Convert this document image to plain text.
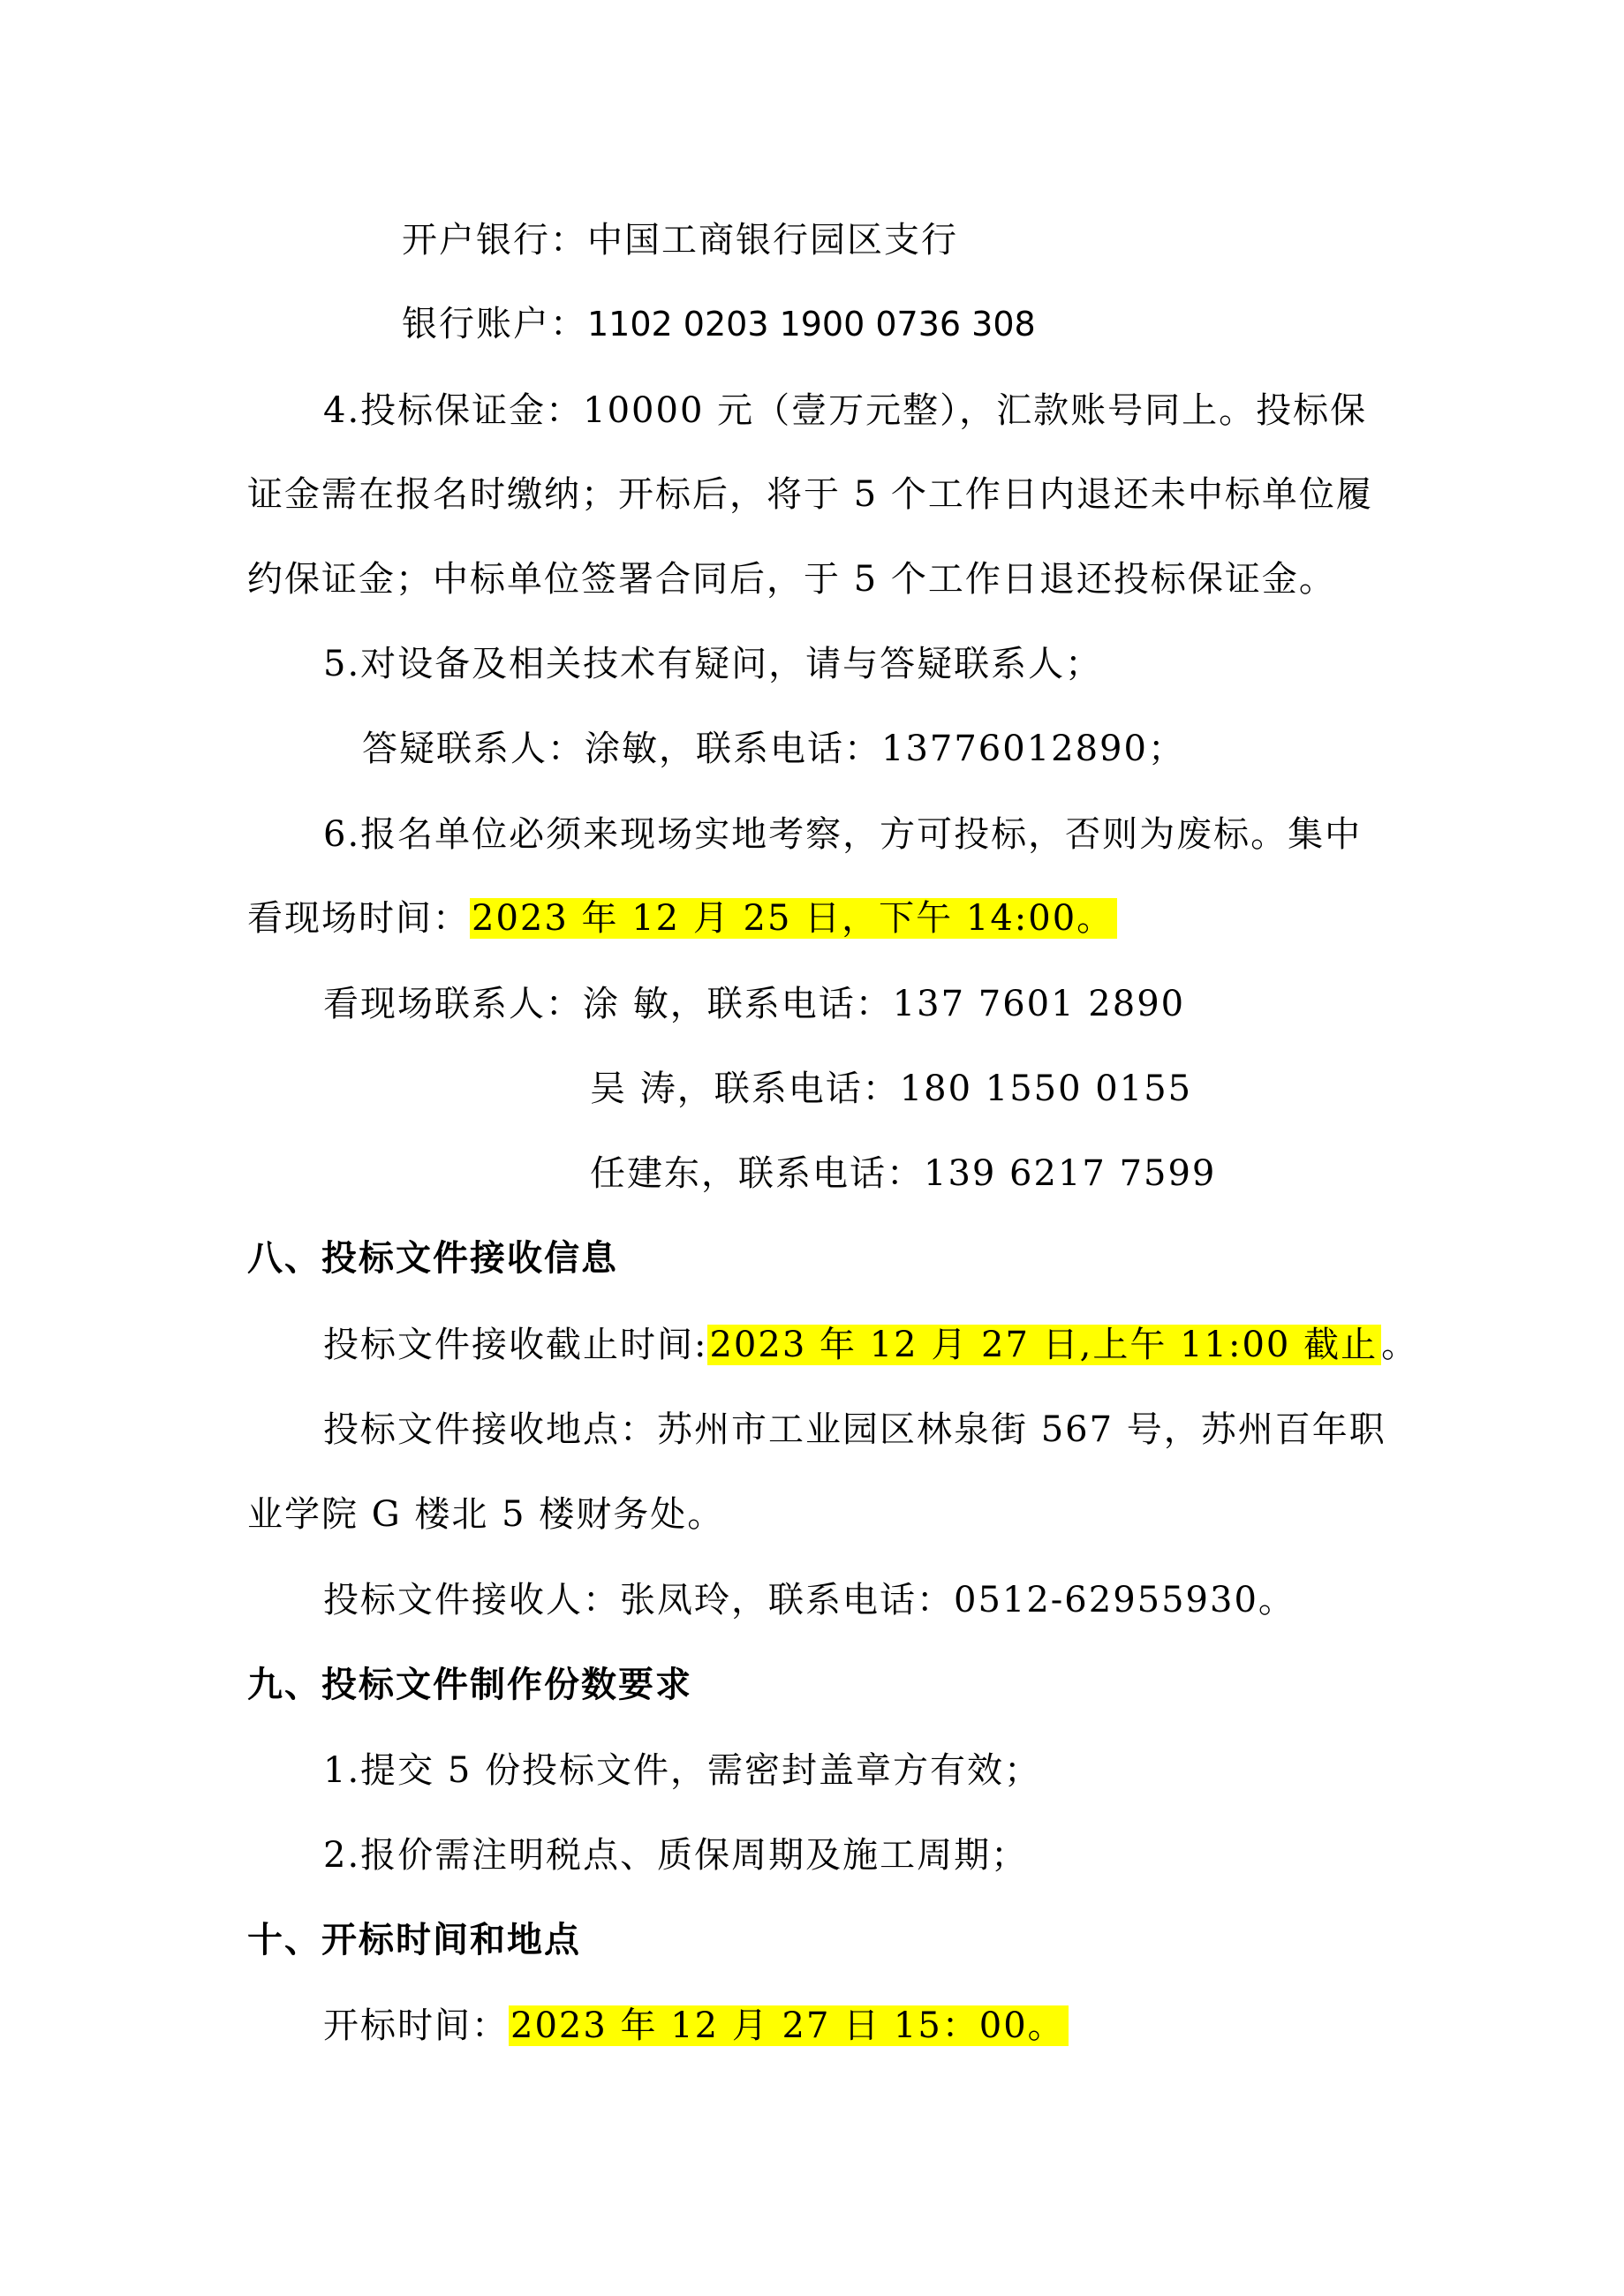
开户银行：中国工商银行园区支行
银行账户：1102 0203 1900 0736 308
4.投标保证金：10000 元（壹万元整），汇款账号同上。投标保
证金需在报名时缴纳；开标后，将于 5 个工作日内退还未中标单位履
约保证金；中标单位签署合同后，于 5 个工作日退还投标保证金。
5.对设备及相关技术有疑问，请与答疑联系人；
答疑联系人：涂敏，联系电话：13776012890；
6.报名单位必须来现场实地考察，方可投标，否则为废标。集中
看现场时间：2023 年 12 月 25 日，下午 14:00。
看现场联系人：涂 敏，联系电话：137 7601 2890
吴 涛，联系电话：180 1550 0155
任建东，联系电话：139 6217 7599
八、投标文件接收信息
投标文件接收截止时间:2023 年 12 月 27 日,上午 11:00 截止 。
投标文件接收地点：苏州市工业园区林泉街 567 号，苏州百年职
业学院 G 楼北 5 楼财务处。
投标文件接收人：张凤玲，联系电话：0512-62955930。
九、投标文件制作份数要求
1.提交 5 份投标文件，需密封盖章方有效；
2.报价需注明税点、质保周期及施工周期；
十、开标时间和地点
开标时间：2023 年 12 月 27 日 15：00。
